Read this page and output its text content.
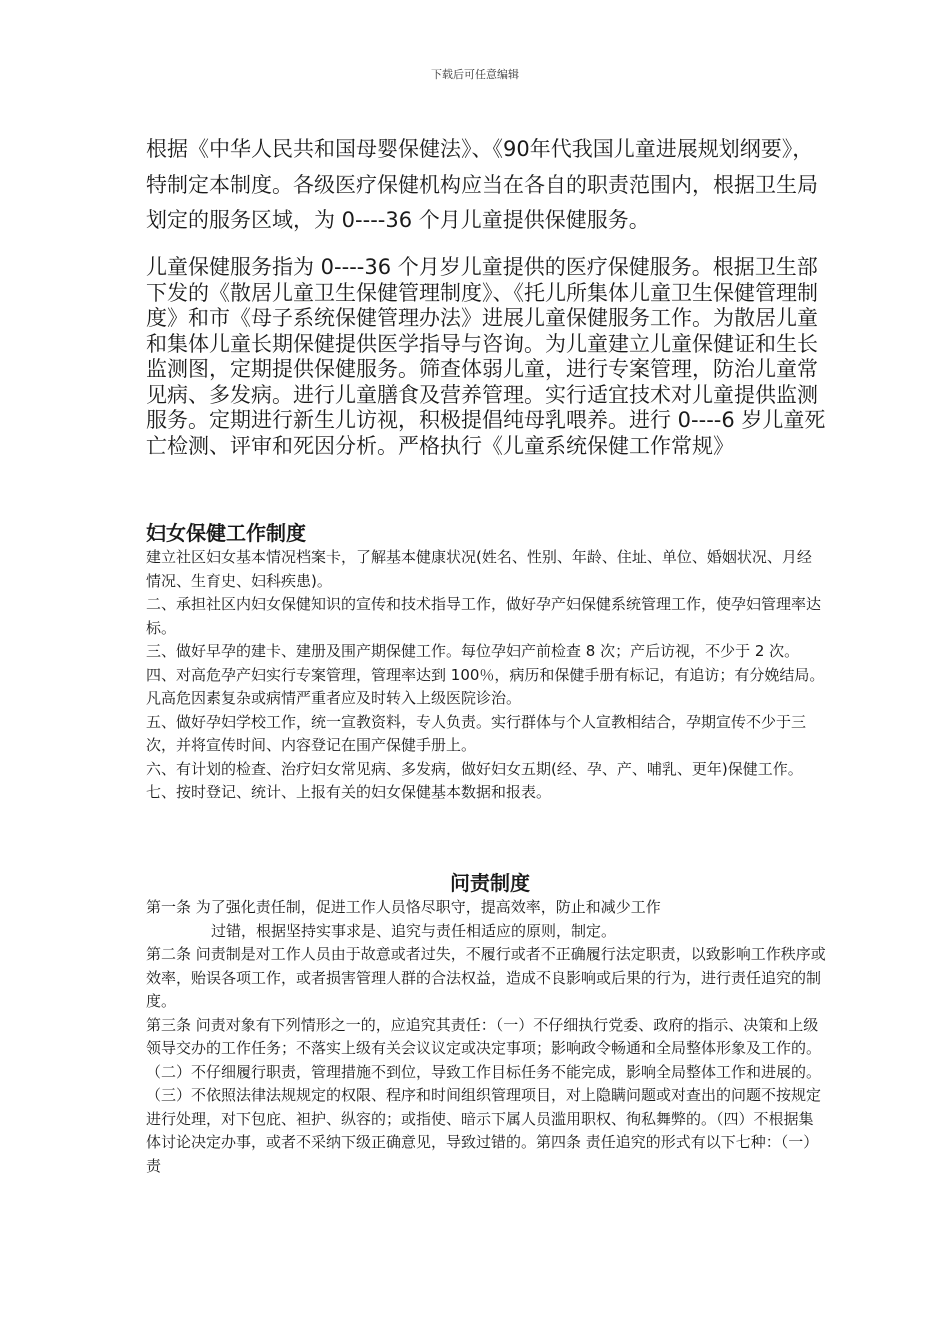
下载后可任意编辑

根据《中华人民共和国母婴保健法》、《90年代我国儿童进展规划纲要》，特制定本制度。各级医疗保健机构应当在各自的职责范围内，根据卫生局划定的服务区域，为 0----36 个月儿童提供保健服务。

儿童保健服务指为 0----36 个月岁儿童提供的医疗保健服务。根据卫生部下发的《散居儿童卫生保健管理制度》、《托儿所集体儿童卫生保健管理制度》和市《母子系统保健管理办法》进展儿童保健服务工作。为散居儿童和集体儿童长期保健提供医学指导与咨询。为儿童建立儿童保健证和生长监测图，定期提供保健服务。筛查体弱儿童，进行专案管理，防治儿童常见病、多发病。进行儿童膳食及营养管理。实行适宜技术对儿童提供监测服务。定期进行新生儿访视，积极提倡纯母乳喂养。进行 0----6 岁儿童死亡检测、评审和死因分析。严格执行《儿童系统保健工作常规》

妇女保健工作制度

建立社区妇女基本情况档案卡，了解基本健康状况(姓名、性别、年龄、住址、单位、婚姻状况、月经情况、生育史、妇科疾患)。

二、承担社区内妇女保健知识的宣传和技术指导工作，做好孕产妇保健系统管理工作，使孕妇管理率达标。

三、做好早孕的建卡、建册及围产期保健工作。每位孕妇产前检查 8 次；产后访视，不少于 2 次。

四、对高危孕产妇实行专案管理，管理率达到 100％，病历和保健手册有标记，有追访；有分娩结局。凡高危因素复杂或病情严重者应及时转入上级医院诊治。

五、做好孕妇学校工作，统一宣教资料，专人负责。实行群体与个人宣教相结合，孕期宣传不少于三次，并将宣传时间、内容登记在围产保健手册上。

六、有计划的检查、治疗妇女常见病、多发病，做好妇女五期(经、孕、产、哺乳、更年)保健工作。

七、按时登记、统计、上报有关的妇女保健基本数据和报表。

问责制度

第一条 为了强化责任制，促进工作人员恪尽职守，提高效率，防止和减少工作

过错，根据坚持实事求是、追究与责任相适应的原则，制定。

第二条 问责制是对工作人员由于故意或者过失，不履行或者不正确履行法定职责，以致影响工作秩序或效率，贻误各项工作，或者损害管理人群的合法权益，造成不良影响或后果的行为，进行责任追究的制度。

第三条 问责对象有下列情形之一的，应追究其责任：（一）不仔细执行党委、政府的指示、决策和上级领导交办的工作任务；不落实上级有关会议议定或决定事项；影响政令畅通和全局整体形象及工作的。（二）不仔细履行职责，管理措施不到位，导致工作目标任务不能完成，影响全局整体工作和进展的。（三）不依照法律法规规定的权限、程序和时间组织管理项目，对上隐瞒问题或对查出的问题不按规定进行处理，对下包庇、袒护、纵容的；或指使、暗示下属人员滥用职权、徇私舞弊的。（四）不根据集体讨论决定办事，或者不采纳下级正确意见，导致过错的。第四条 责任追究的形式有以下七种：（一）责
